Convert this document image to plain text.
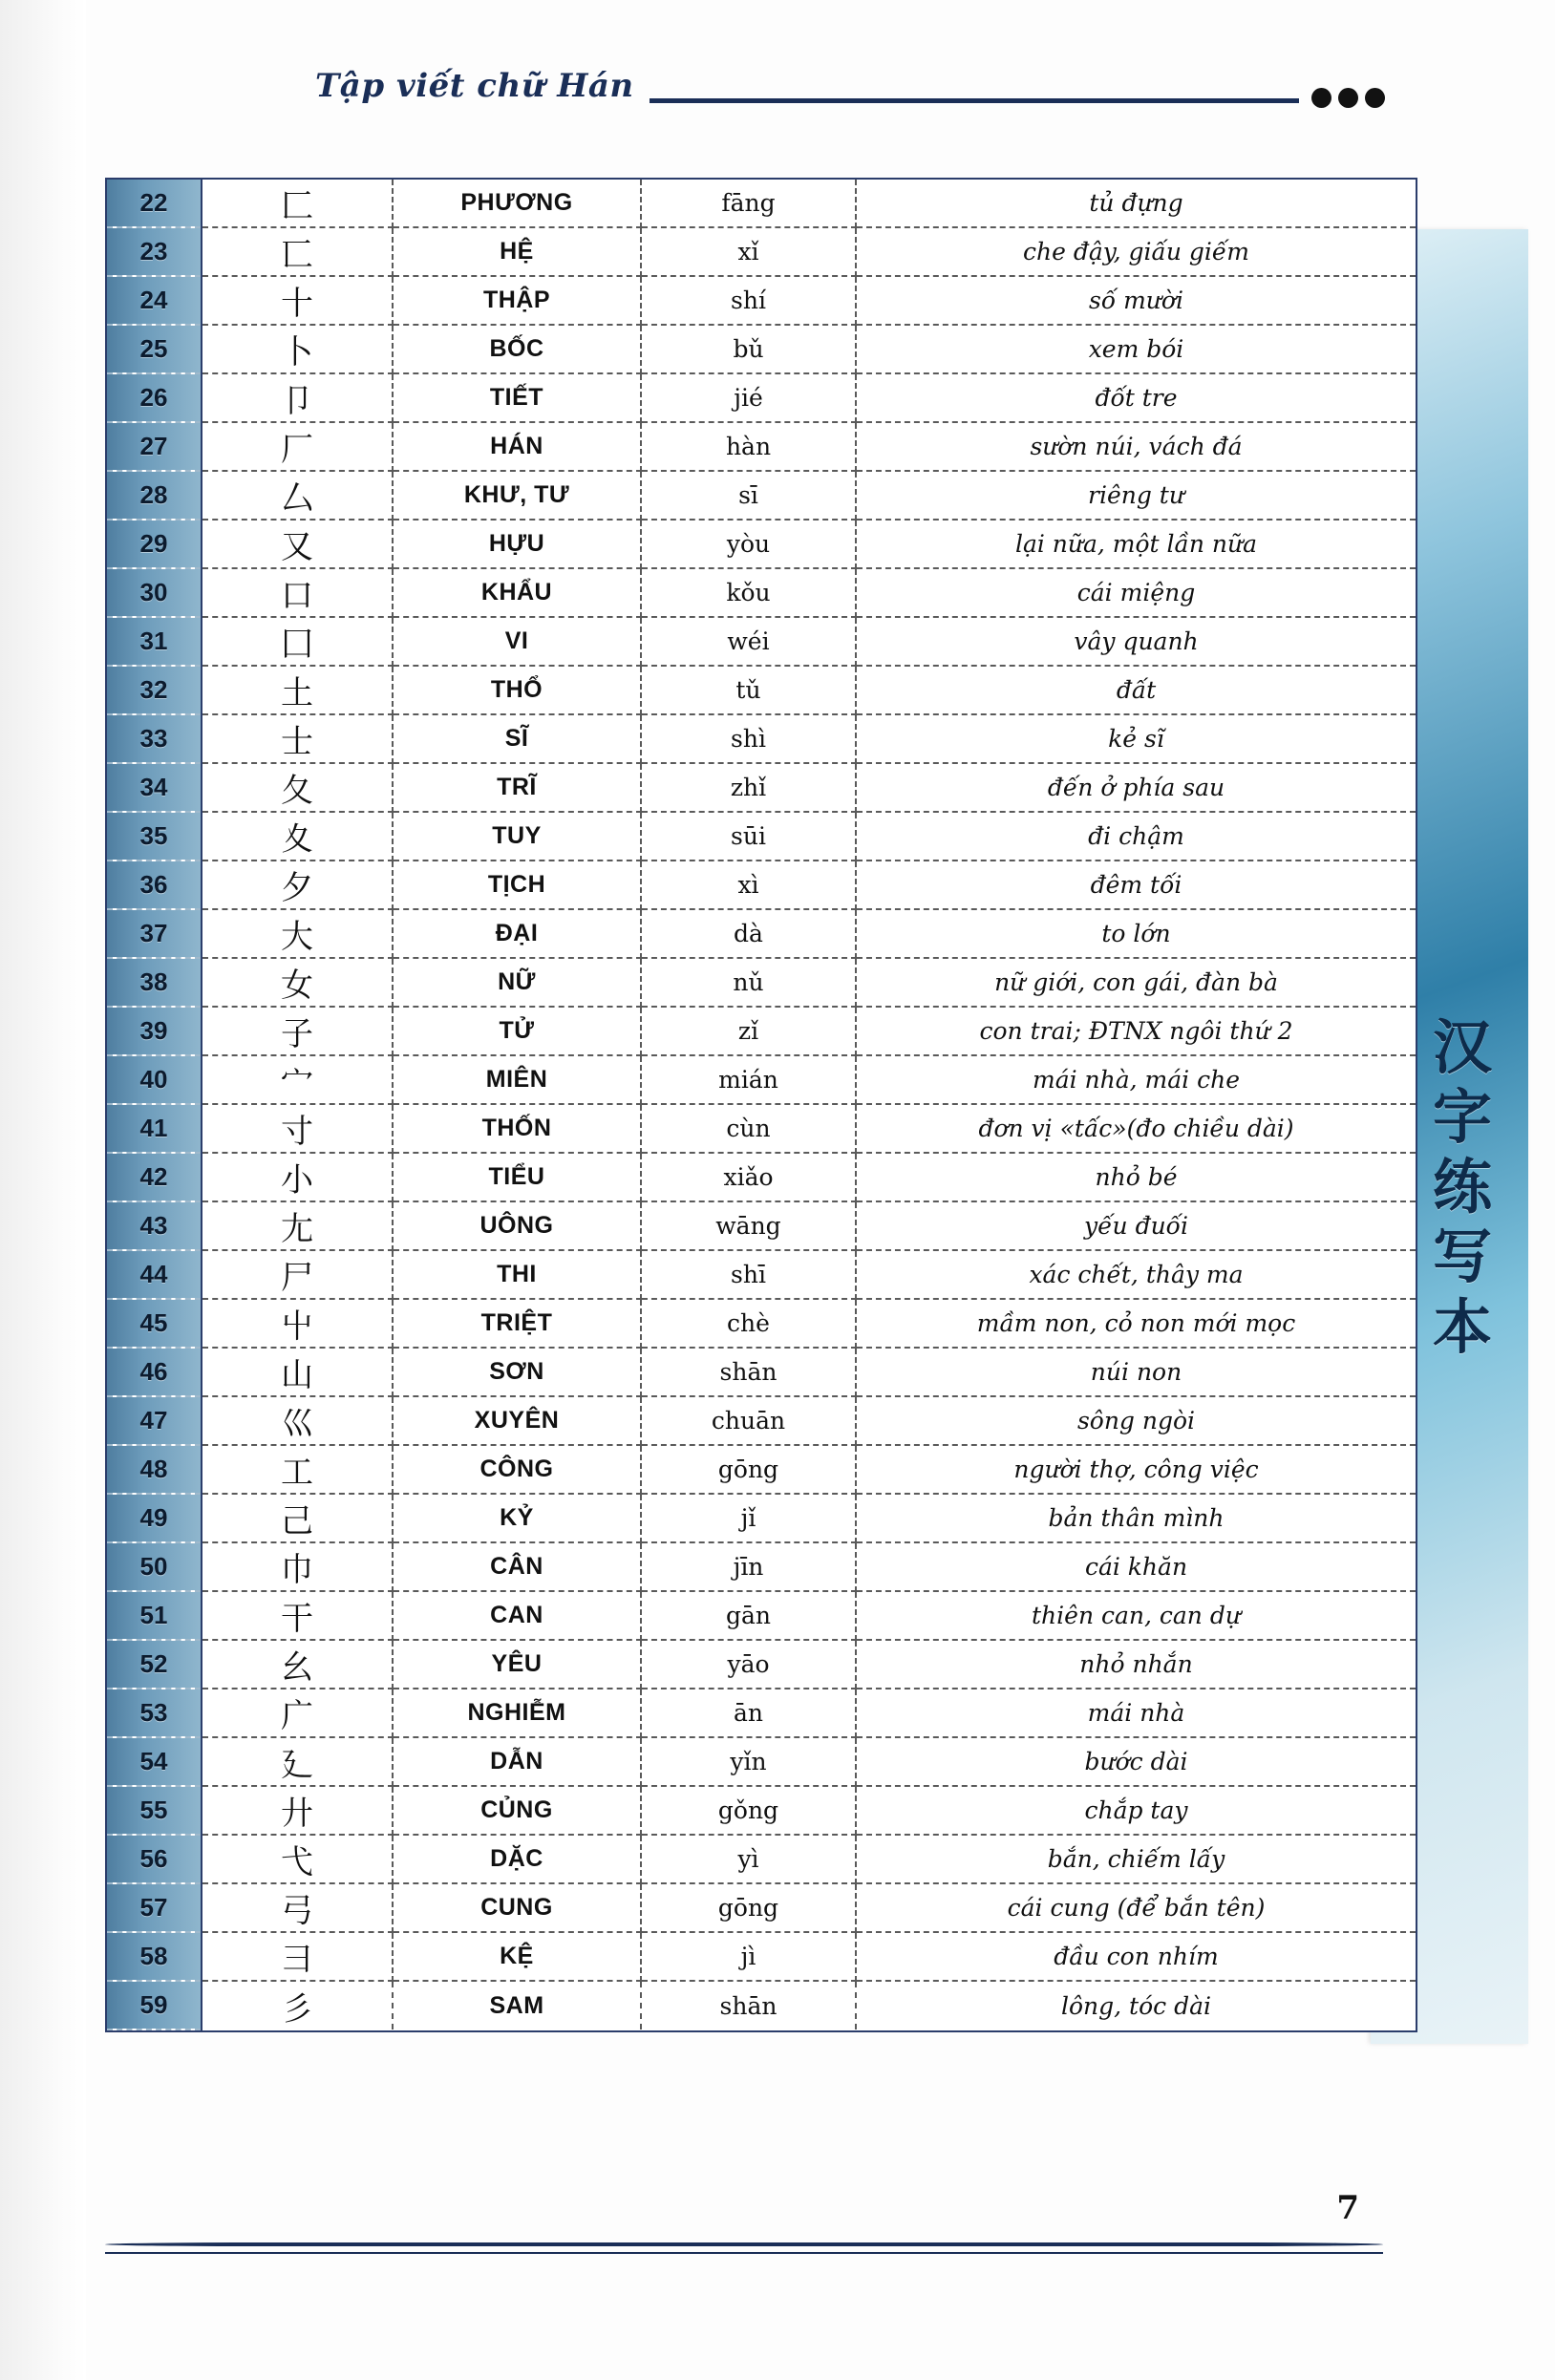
Tập viết chữ Hán
汉字练写本
22	匚	PHƯƠNG	fāng	tủ đựng
23	匸	HỆ	xǐ	che đậy, giấu giếm
24	十	THẬP	shí	số mười
25	卜	BỐC	bǔ	xem bói
26	卩	TIẾT	jié	đốt tre
27	厂	HÁN	hàn	sườn núi, vách đá
28	厶	KHƯ, TƯ	sī	riêng tư
29	又	HỰU	yòu	lại nữa, một lần nữa
30	口	KHẨU	kǒu	cái miệng
31	囗	VI	wéi	vây quanh
32	土	THỔ	tǔ	đất
33	士	SĨ	shì	kẻ sĩ
34	夂	TRĨ	zhǐ	đến ở phía sau
35	夊	TUY	sūi	đi chậm
36	夕	TỊCH	xì	đêm tối
37	大	ĐẠI	dà	to lớn
38	女	NỮ	nǔ	nữ giới, con gái, đàn bà
39	子	TỬ	zǐ	con trai; ĐTNX ngôi thứ 2
40	宀	MIÊN	mián	mái nhà, mái che
41	寸	THỐN	cùn	đơn vị «tấc»(đo chiều dài)
42	小	TIỂU	xiǎo	nhỏ bé
43	尢	UÔNG	wāng	yếu đuối
44	尸	THI	shī	xác chết, thây ma
45	屮	TRIỆT	chè	mầm non, cỏ non mới mọc
46	山	SƠN	shān	núi non
47	巛	XUYÊN	chuān	sông ngòi
48	工	CÔNG	gōng	người thợ, công việc
49	己	KỶ	jǐ	bản thân mình
50	巾	CÂN	jīn	cái khăn
51	干	CAN	gān	thiên can, can dự
52	幺	YÊU	yāo	nhỏ nhắn
53	广	NGHIỄM	ān	mái nhà
54	廴	DẪN	yǐn	bước dài
55	廾	CỦNG	gǒng	chắp tay
56	弋	DẶC	yì	bắn, chiếm lấy
57	弓	CUNG	gōng	cái cung (để bắn tên)
58	彐	KỆ	jì	đầu con nhím
59	彡	SAM	shān	lông, tóc dài
7
